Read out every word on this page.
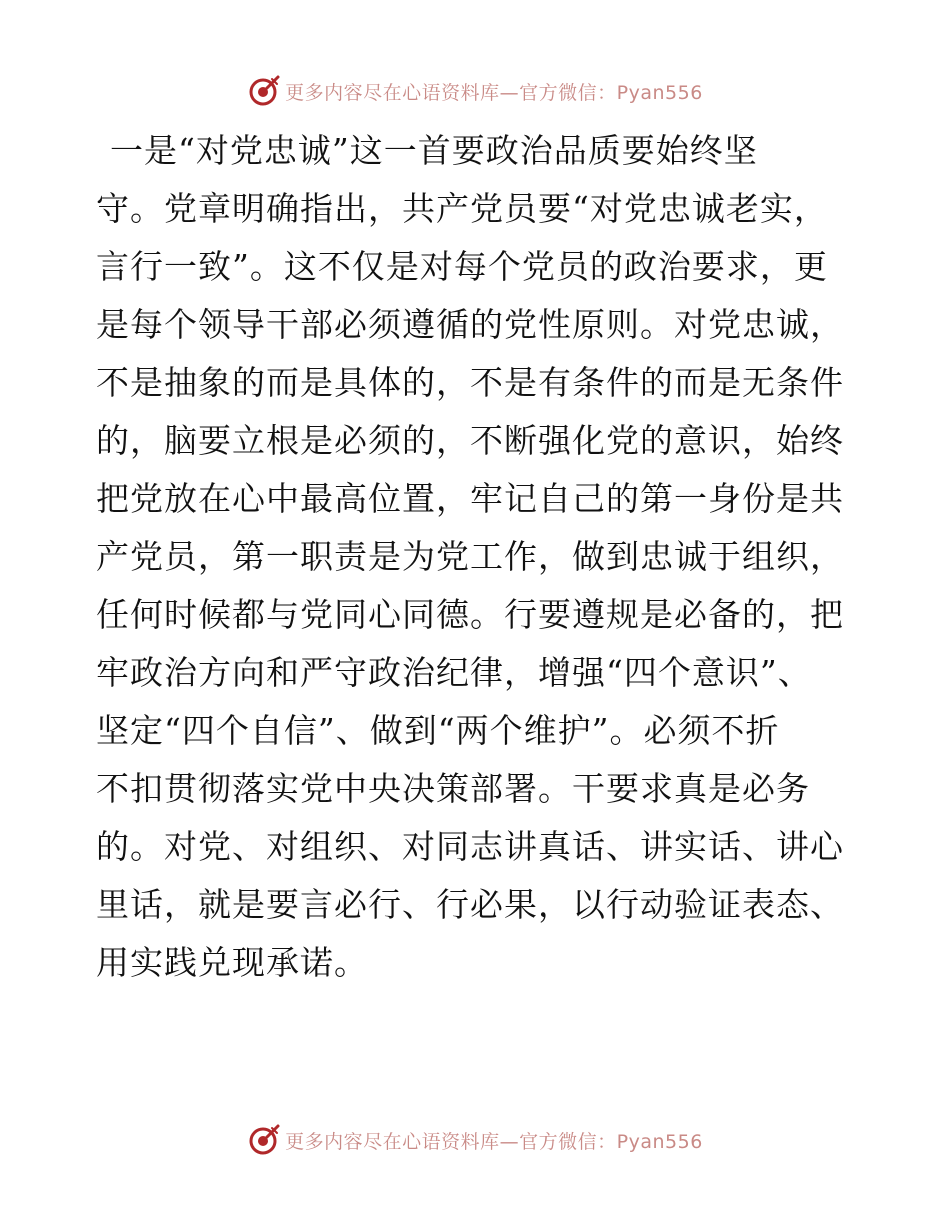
更多内容尽在心语资料库—官方微信：Pyan556
一是“对党忠诚”这一首要政治品质要始终坚
守。党章明确指出，共产党员要“对党忠诚老实，
言行一致”。这不仅是对每个党员的政治要求，更
是每个领导干部必须遵循的党性原则。对党忠诚，
不是抽象的而是具体的，不是有条件的而是无条件
的，脑要立根是必须的，不断强化党的意识，始终
把党放在心中最高位置，牢记自己的第一身份是共
产党员，第一职责是为党工作，做到忠诚于组织，
任何时候都与党同心同德。行要遵规是必备的，把
牢政治方向和严守政治纪律，增强“四个意识”、
坚定“四个自信”、做到“两个维护”。必须不折
不扣贯彻落实党中央决策部署。干要求真是必务
的。对党、对组织、对同志讲真话、讲实话、讲心
里话，就是要言必行、行必果，以行动验证表态、
用实践兑现承诺。
更多内容尽在心语资料库—官方微信：Pyan556
